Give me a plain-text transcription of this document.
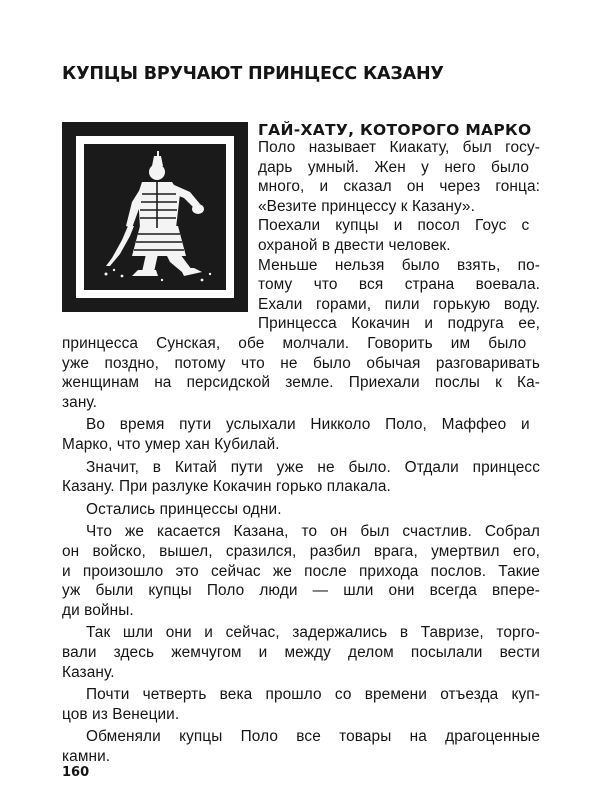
КУПЦЫ ВРУЧАЮТ ПРИНЦЕСС КАЗАНУ
ГАЙ-ХАТУ, КОТОРОГО МАРКО
Поло называет Киакату, был госу-
дарь умный. Жен у него было
много, и сказал он через гонца:
«Везите принцессу к Казану».
Поехали купцы и посол Гоус с
охраной в двести человек.
Меньше нельзя было взять, по-
тому что вся страна воевала.
Ехали горами, пили горькую воду.
Принцесса Кокачин и подруга ее,
принцесса Сунская, обе молчали. Говорить им было
уже поздно, потому что не было обычая разговаривать
женщинам на персидской земле. Приехали послы к Ка-
зану.
Во время пути услыхали Никколо Поло, Маффео и
Марко, что умер хан Кубилай.
Значит, в Китай пути уже не было. Отдали принцесс
Казану. При разлуке Кокачин горько плакала.
Остались принцессы одни.
Что же касается Казана, то он был счастлив. Собрал
он войско, вышел, сразился, разбил врага, умертвил его,
и произошло это сейчас же после прихода послов. Такие
уж были купцы Поло люди — шли они всегда впере-
ди войны.
Так шли они и сейчас, задержались в Тавризе, торго-
вали здесь жемчугом и между делом посылали вести
Казану.
Почти четверть века прошло со времени отъезда куп-
цов из Венеции.
Обменяли купцы Поло все товары на драгоценные
камни.
160
